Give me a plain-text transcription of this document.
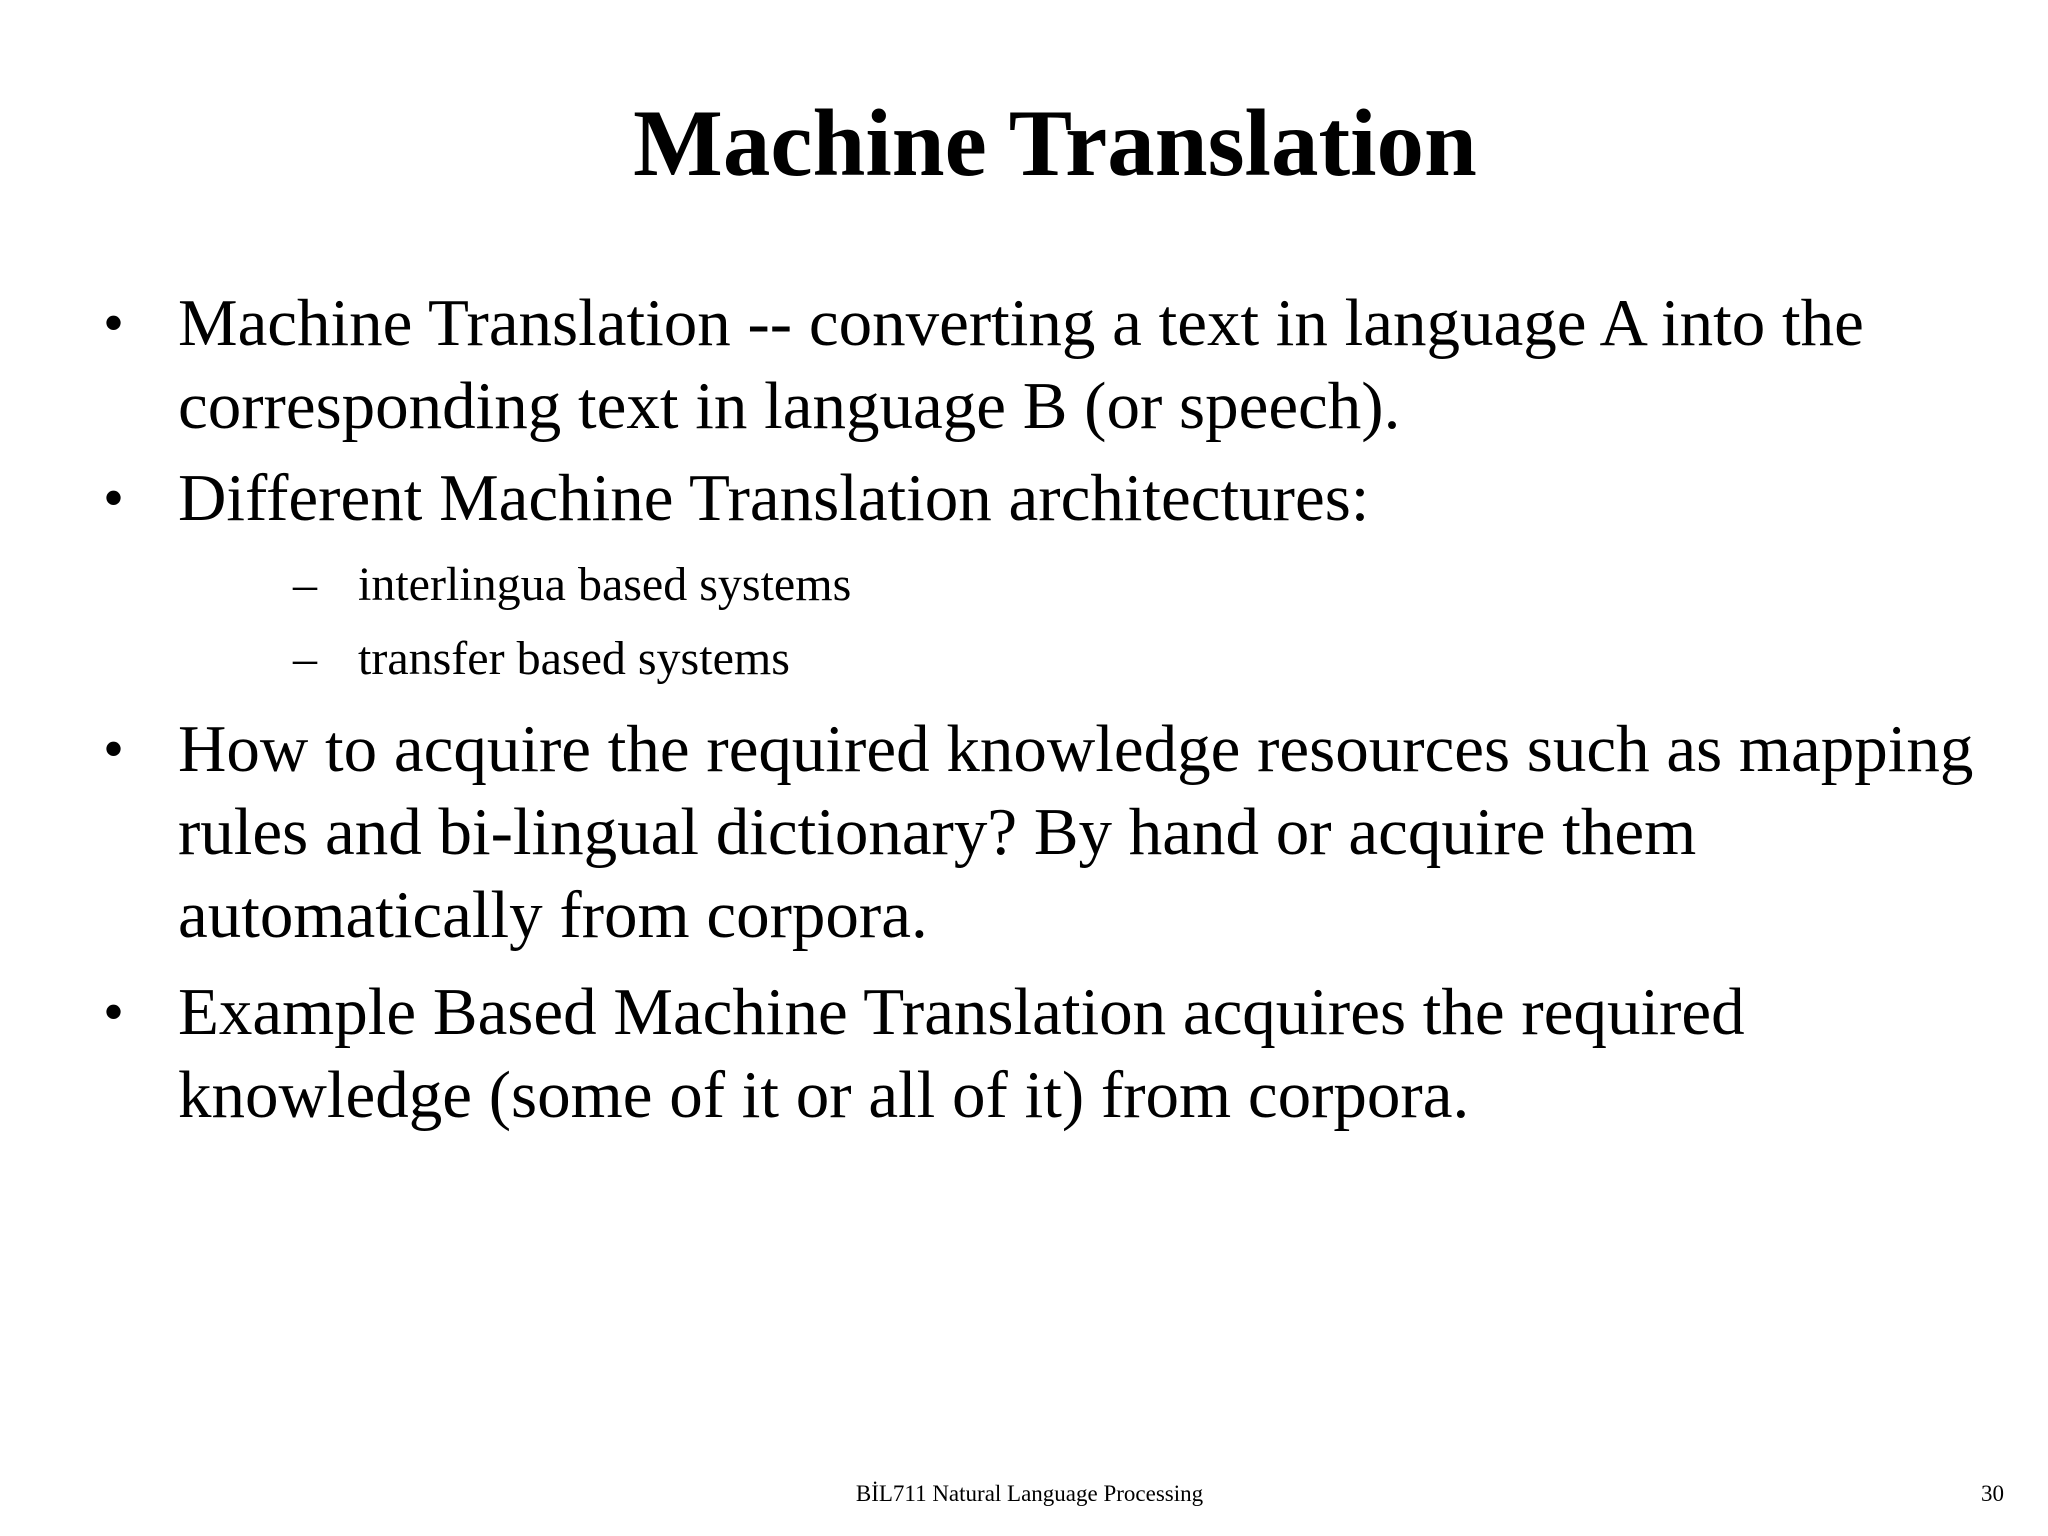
Machine Translation
• Machine Translation -- converting a text in language A into the corresponding text in language B (or speech).
• Different Machine Translation architectures:
– interlingua based systems
– transfer based systems
• How to acquire the required knowledge resources such as mapping rules and bi-lingual dictionary? By hand or acquire them automatically from corpora.
• Example Based Machine Translation acquires the required knowledge (some of it or all of it) from corpora.
BİL711 Natural Language Processing	30
